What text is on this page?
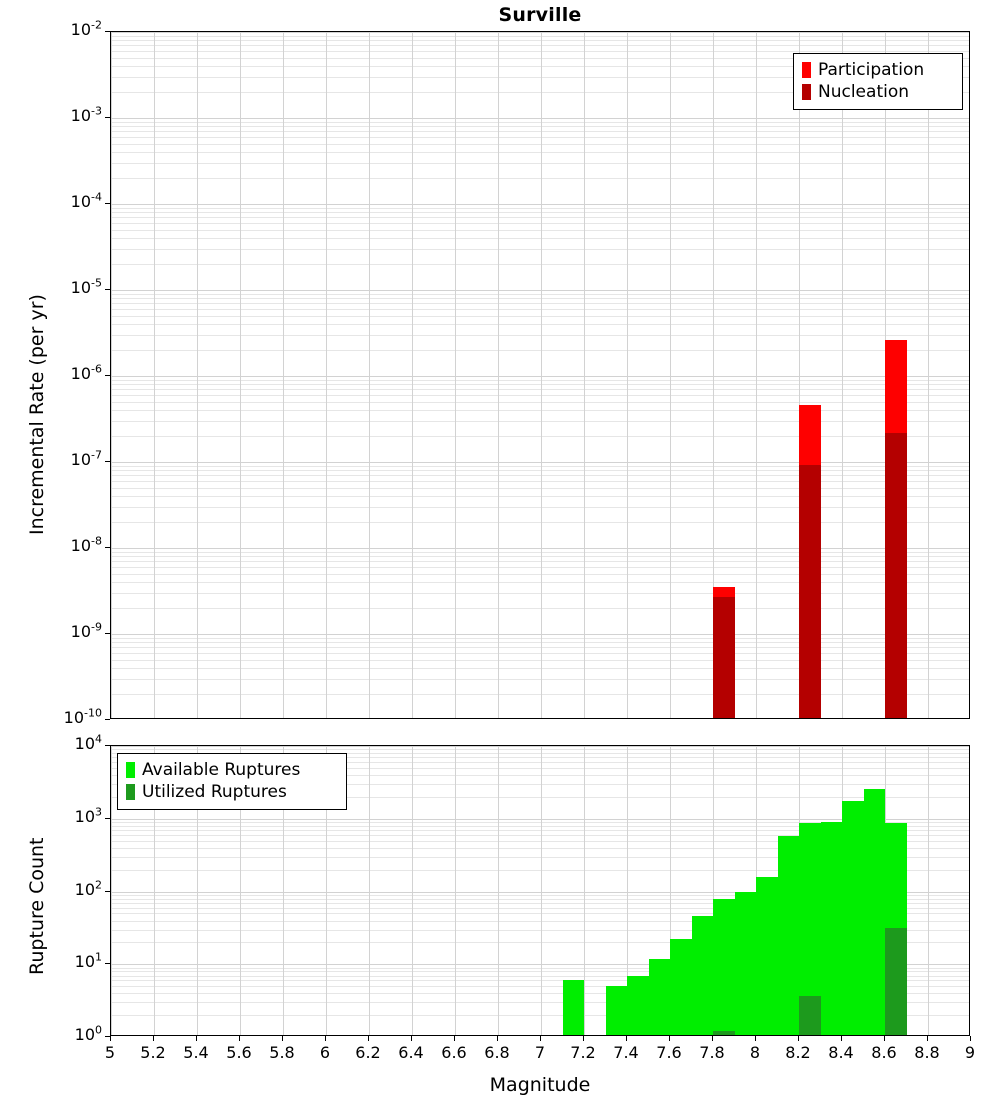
Surville
$10^{-2}$
$10^{-3}$
$10^{-4}$
$10^{-5}$
$10^{-6}$
$10^{-7}$
$10^{-8}$
$10^{-9}$
$10^{-10}$
Incremental Rate (per yr)
Participation
Nucleation
$10^4$
$10^3$
$10^2$
$10^1$
$10^0$
5	5.2	5.4	5.6	5.8	6	6.2	6.4	6.6	6.8	7	7.2	7.4	7.6	7.8	8	8.2	8.4	8.6	8.8	9
Rupture Count
Available Ruptures
Utilized Ruptures
Magnitude
